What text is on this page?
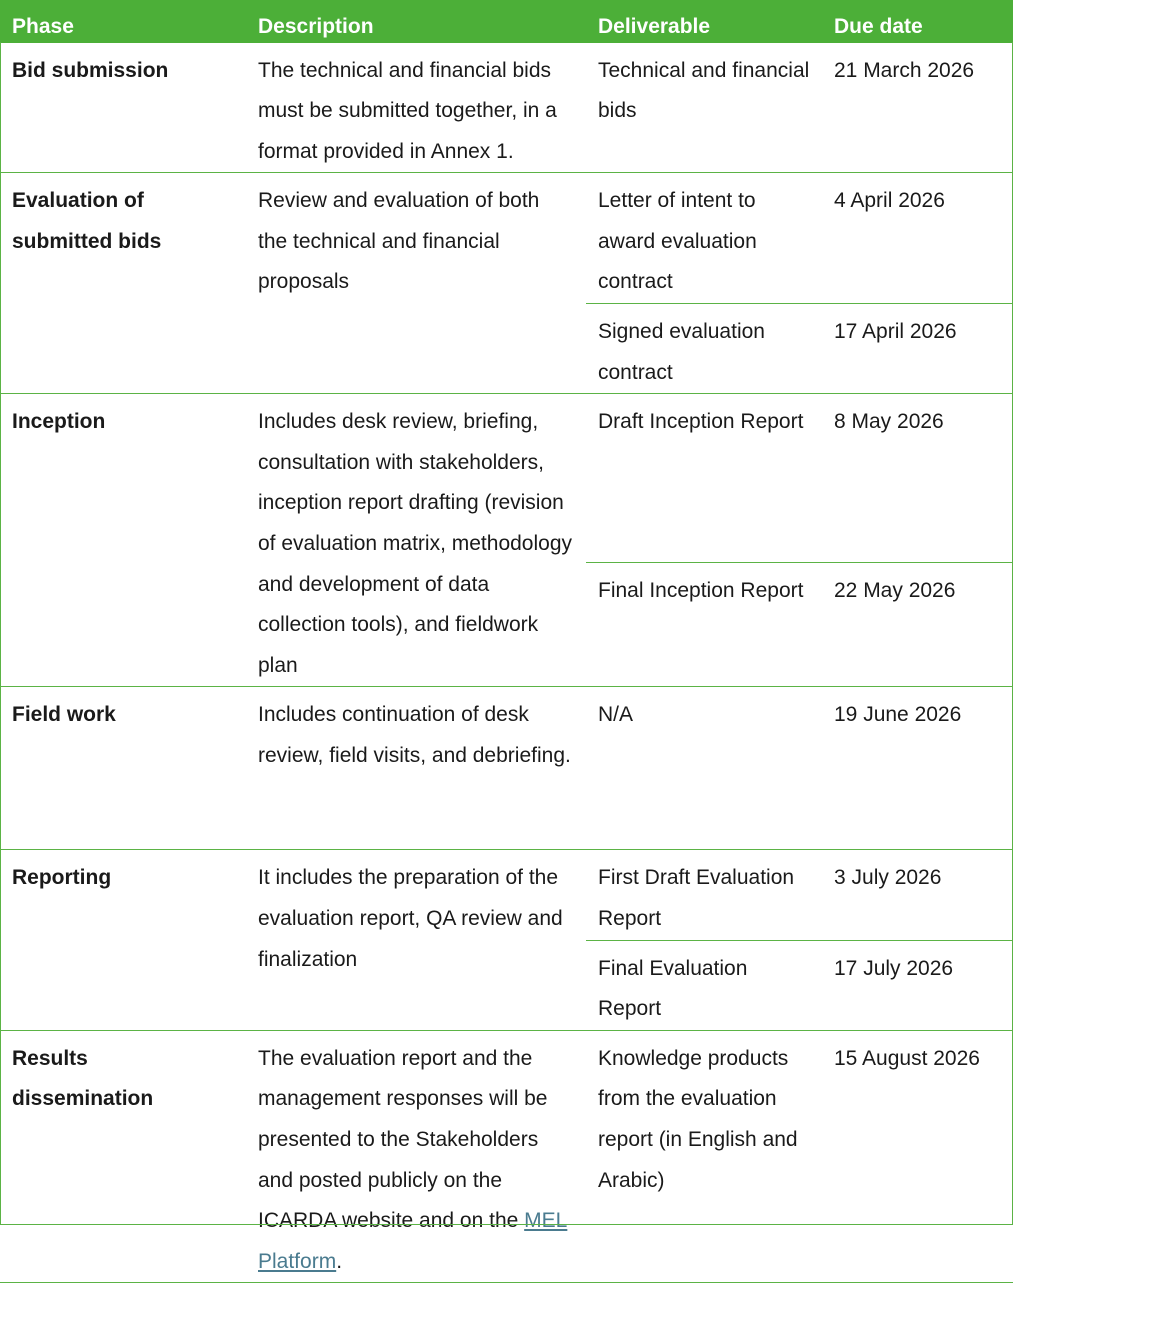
Phase	Description	Deliverable	Due date
Bid submission	The technical and financial bids must be submitted together, in a format provided in Annex 1.	Technical and financial bids	21 March 2026
Evaluation of submitted bids	Review and evaluation of both the technical and financial proposals	Letter of intent to award evaluation contract	4 April 2026
		Signed evaluation contract	17 April 2026
Inception	Includes desk review, briefing, consultation with stakeholders, inception report drafting (revision of evaluation matrix, methodology and development of data collection tools), and fieldwork plan	Draft Inception Report	8 May 2026
		Final Inception Report	22 May 2026
Field work	Includes continuation of desk review, field visits, and debriefing.	N/A	19 June 2026
Reporting	It includes the preparation of the evaluation report, QA review and finalization	First Draft Evaluation Report	3 July 2026
		Final Evaluation Report	17 July 2026
Results dissemination	The evaluation report and the management responses will be presented to the Stakeholders and posted publicly on the ICARDA website and on the MEL Platform.	Knowledge products from the evaluation report (in English and Arabic)	15 August 2026
